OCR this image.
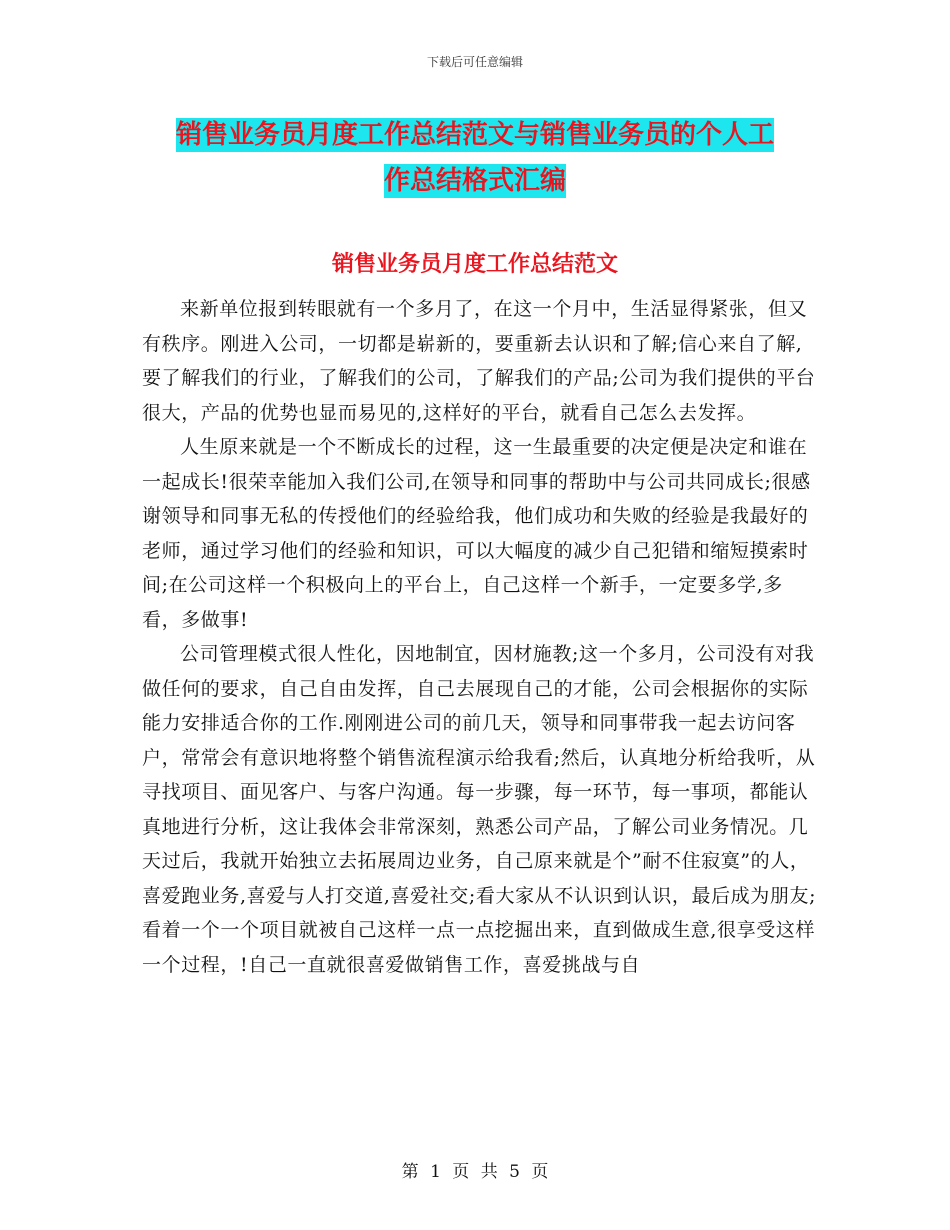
下载后可任意编辑
销售业务员月度工作总结范文与销售业务员的个人工
作总结格式汇编
销售业务员月度工作总结范文

来新单位报到转眼就有一个多月了，在这一个月中，生活显得紧张，但又有秩序。刚进入公司，一切都是崭新的，要重新去认识和了解;信心来自了解,要了解我们的行业，了解我们的公司，了解我们的产品;公司为我们提供的平台很大，产品的优势也显而易见的,这样好的平台，就看自己怎么去发挥。

人生原来就是一个不断成长的过程，这一生最重要的决定便是决定和谁在一起成长!很荣幸能加入我们公司,在领导和同事的帮助中与公司共同成长;很感谢领导和同事无私的传授他们的经验给我，他们成功和失败的经验是我最好的老师，通过学习他们的经验和知识，可以大幅度的减少自己犯错和缩短摸索时间;在公司这样一个积极向上的平台上，自己这样一个新手，一定要多学,多看，多做事!

公司管理模式很人性化，因地制宜，因材施教;这一个多月，公司没有对我做任何的要求，自己自由发挥，自己去展现自己的才能，公司会根据你的实际能力安排适合你的工作.刚刚进公司的前几天，领导和同事带我一起去访问客户，常常会有意识地将整个销售流程演示给我看;然后，认真地分析给我听，从寻找项目、面见客户、与客户沟通。每一步骤，每一环节，每一事项，都能认真地进行分析，这让我体会非常深刻，熟悉公司产品，了解公司业务情况。几天过后，我就开始独立去拓展周边业务，自己原来就是个”耐不住寂寞”的人，喜爱跑业务,喜爱与人打交道,喜爱社交;看大家从不认识到认识，最后成为朋友;看着一个一个项目就被自己这样一点一点挖掘出来，直到做成生意,很享受这样一个过程，!自己一直就很喜爱做销售工作，喜爱挑战与自

第 1 页 共 5 页
